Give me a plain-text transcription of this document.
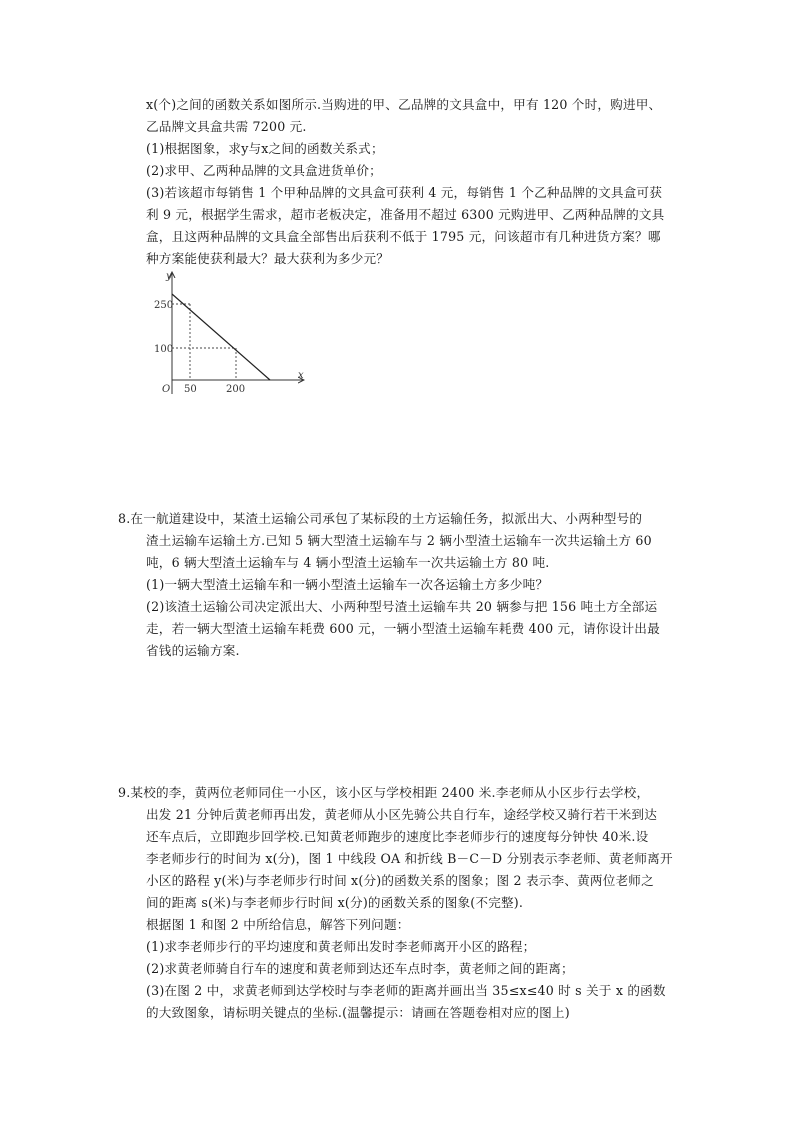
x(个)之间的函数关系如图所示.当购进的甲、乙品牌的文具盒中，甲有 120 个时，购进甲、
乙品牌文具盒共需 7200 元.
(1)根据图象，求y与x之间的函数关系式；
(2)求甲、乙两种品牌的文具盒进货单价；
(3)若该超市每销售 1 个甲种品牌的文具盒可获利 4 元，每销售 1 个乙种品牌的文具盒可获
利 9 元，根据学生需求，超市老板决定，准备用不超过 6300 元购进甲、乙两种品牌的文具
盒，且这两种品牌的文具盒全部售出后获利不低于 1795 元，问该超市有几种进货方案？哪
种方案能使获利最大？最大获利为多少元？
y
x
O
250
100
50	200
8.在一航道建设中，某渣土运输公司承包了某标段的土方运输任务，拟派出大、小两种型号的
渣土运输车运输土方.已知 5 辆大型渣土运输车与 2 辆小型渣土运输车一次共运输土方 60
吨，6 辆大型渣土运输车与 4 辆小型渣土运输车一次共运输土方 80 吨.
(1)一辆大型渣土运输车和一辆小型渣土运输车一次各运输土方多少吨？
(2)该渣土运输公司决定派出大、小两种型号渣土运输车共 20 辆参与把 156 吨土方全部运
走，若一辆大型渣土运输车耗费 600 元，一辆小型渣土运输车耗费 400 元，请你设计出最
省钱的运输方案.
9.某校的李，黄两位老师同住一小区，该小区与学校相距 2400 米.李老师从小区步行去学校，
出发 21 分钟后黄老师再出发，黄老师从小区先骑公共自行车，途经学校又骑行若干米到达
还车点后，立即跑步回学校.已知黄老师跑步的速度比李老师步行的速度每分钟快 40米.设
李老师步行的时间为 x(分)，图 1 中线段 OA 和折线 B－C－D 分别表示李老师、黄老师离开
小区的路程 y(米)与李老师步行时间 x(分)的函数关系的图象；图 2 表示李、黄两位老师之
间的距离 s(米)与李老师步行时间 x(分)的函数关系的图象(不完整).
根据图 1 和图 2 中所给信息，解答下列问题：
(1)求李老师步行的平均速度和黄老师出发时李老师离开小区的路程；
(2)求黄老师骑自行车的速度和黄老师到达还车点时李，黄老师之间的距离；
(3)在图 2 中，求黄老师到达学校时与李老师的距离并画出当 35≤x≤40 时 s 关于 x 的函数
的大致图象，请标明关键点的坐标.(温馨提示：请画在答题卷相对应的图上)
